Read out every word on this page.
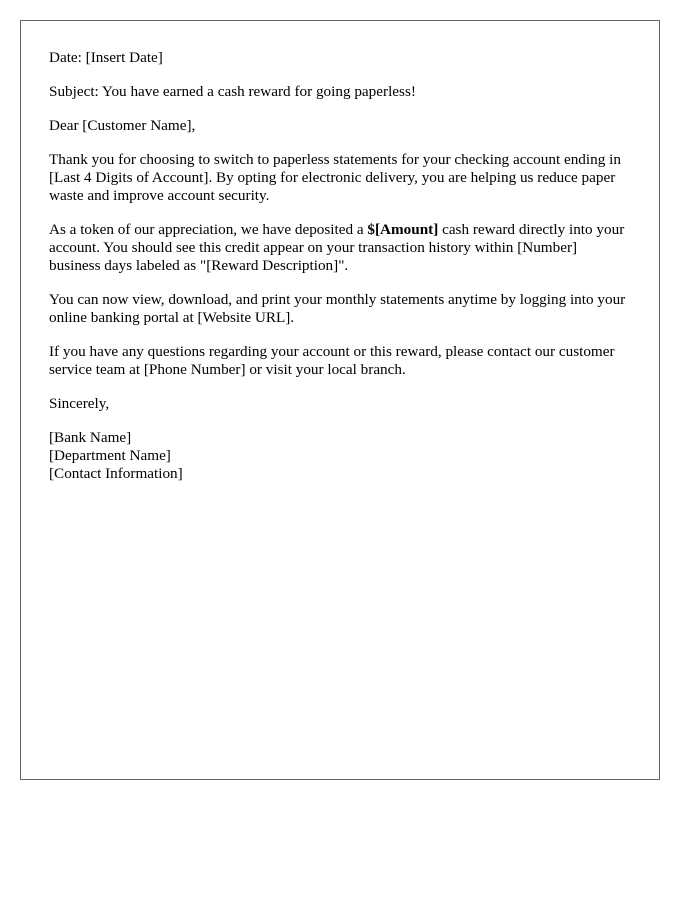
Date: [Insert Date]

Subject: You have earned a cash reward for going paperless!

Dear [Customer Name],

Thank you for choosing to switch to paperless statements for your checking account ending in [Last 4 Digits of Account]. By opting for electronic delivery, you are helping us reduce paper waste and improve account security.

As a token of our appreciation, we have deposited a $[Amount] cash reward directly into your account. You should see this credit appear on your transaction history within [Number] business days labeled as "[Reward Description]".

You can now view, download, and print your monthly statements anytime by logging into your online banking portal at [Website URL].

If you have any questions regarding your account or this reward, please contact our customer service team at [Phone Number] or visit your local branch.

Sincerely,

[Bank Name]
[Department Name]
[Contact Information]
